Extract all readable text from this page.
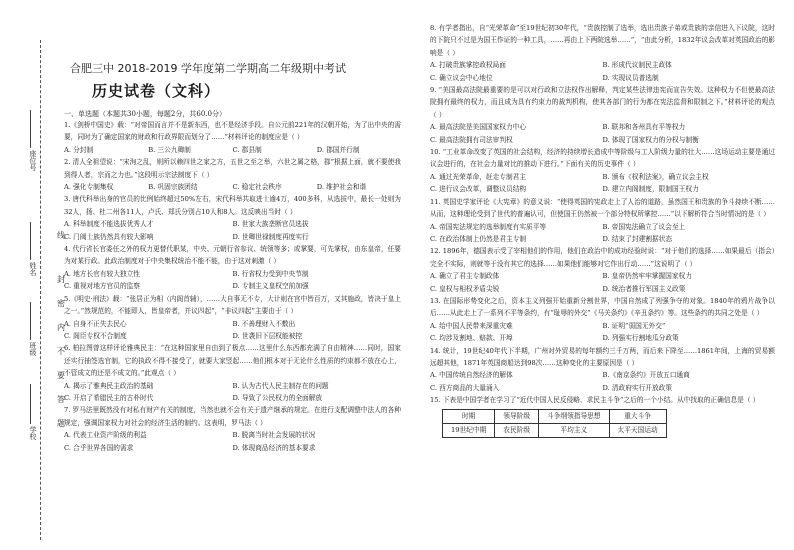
线
封
密
内
不
要
答
题
座位号
姓名
班级
学校
合肥三中 2018-2019 学年度第二学期高二年级期中考试
历史试卷（文科）
一、单选题（本题共30小题，每题2分，共60.0分）

1.《剑桥中国史》载：“对帝国而言并不是新东西，也不是经济手段。自公元前221年的汉朝开始，为了出中央的需要，同时为了确定国家的财政和行政界限而划分了……”材料评论的制度应是（ ）

A. 分封制	B. 三公九卿制	C. 郡县制	D. 郡国并行制

2. 清人全祖望说：“宋洵之乱，则所以赖四世之家之方，五世之至之举，六世之属之格，郡”根据上面，就不要使我到得人者，宗而之力也。”这段明示宗法制度下（ ）

A. 强化专制集权	B. 巩固宗族团结	C. 稳定社会秩序	D. 维护社会和谐

3. 唐代科举出身的官员的比例始终超过50%左右，宋代科举共取进士逾4万，400多科，从选拔中，最长一处则为32人，扬、杜二州各11人，卢氏、郑氏分别占10人和8人。这反映出当时（ ）

A. 科举制度不能选拔优秀人才	B. 世家大族垄断官员选拔
C. 门阀士族仍然具有较大影响	D. 世卿世禄制度再度实行

4. 代行省长官委任之外的权力更替代职某，中央、元朝行省参议、统领等多；或掌要，可先掌权，由东皇帝，任要为对某行政。此政治制度对于中央集权统治不能不能，由于这对刺激（ ）

A. 地方长官有较大独立性	B. 行省权力受到中央节制
C. 重视对地方官员的监察	D. 专制主义皇权空前加强

5.《明史·刑法》载：“张居正为相（内阁首辅），……大自事无不专，大计则在宫中皆百万，又其施政，皆决于皇上之一。”然规范的，不能即人，皆皇帝者，并议四起”，“非议四起”主要由于（ ）

A. 自身不正失去民心	B. 不善理财入不敷出
C. 阁臣专权不合制度	D. 世袭旧下层权能被控

6. 柏拉图曾这样评论雅典民主：“在这种国家里自由到了极点……这里什么东西都充满了自由精神……同时，国家还实行抽签选官制，它的执政不得不接受了，就要大家竖起……他们根本对于无论什么性质的约束都不放在心上，不管成文的还是不成文的。”此观点（ ）

A. 揭示了雅典民主政治的基础	B. 认为古代人民主制存在的问题
C. 开启了希腊民主的古朴时代	D. 导致了公民权力的全面解放

7. 罗马法里既然没有对私有财产有关的制度，当然也就不会有关于遗产继承的规定。在进行支配调整中法人的各种规定，强调国家权力对社会的经济生活的制约。这表明，罗马法（ ）

A. 代表工业资产阶级的利益	B. 脱离当时社会发展的状况
C. 合乎世界各国的需求	D. 体现商品经济的基本要求

8. 有学者指出，自“光荣革命”至19世纪初30年代，“贵族控制了选举，选出贵族子弟或贵族的亲信进入下议院，这时的下院只不过是为国王作证的一种工具，……再由上下两院选举……”，“由此分析，1832年议会改革对英国政治的影响是（ ）

A. 打破贵族掌控政权局面	B. 形成代议制民主政体
C. 确立议会中心地位	D. 实现议员普选制

9. “美国最高法院最重要的是可以对行政和立法权作出解释，判定某些法律违宪而宣告失效。这种权力不但使最高法院拥有最终的权力，而且成为具有约束力的裁判机构，使其各部门的行为都在宪法监督和限制之下。”材料评论的观点（ ）

A. 最高法院是美国国家权力中心	B. 联邦和各州具有平等权力
C. 最高法院拥有司法审判权	D. 体现了国家权力的分权与制衡

10. “工业革命改变了英国的社会结构，经济的持续增长造成中等阶级与工人阶级力量的壮大……这场运动主要是通过议会进行的，在社会力量对比的推动下进行。”下面有关的历史事件（ ）

A. 通过光荣革命，赶走专制君主	B. 颁布《权利法案》，确立议会主权
C. 进行议会改革，调整议员结构	D. 建立内阁制度，限制国王权力

11. 英国史学家评论《大宪章》的意义说：“使得英国的宪政走上了人治的道路，虽然国王和贵族的争斗持续不断……从而，这种理论受到了世代的普遍认可，但使国王仍然被一个部分特权所掌控……”以下解析符合当时情况的是（ ）

A. 帝国宪法规定的选举制度有实质平等	B. 帝国宪法确立了议会至上
C. 在政治体制上仍然是君主专制	D. 结束了封建割据状态

12. 1896年，德国表示受了宰相他们的作用，他们在政治中的成功经验时说：“对于他们的选择……如果最后（指会）完全不实际，则就等于没有其它的选择……如果他们能够对它作出行动……”这说明了（ ）

A. 确立了君主专制政体	B. 皇帝仍然牢牢掌握国家权力
C. 皇权与相权矛盾尖锐	D. 统治者推行军国主义政策

13. 在国际形势变化之后，资本主义列强开始重新分割世界，中国自然成了列强争夺的对象。1840年的鸦片战争以后……从此走上了一系列不平等条约，有“耻辱的外交”《马关条约》《辛丑条约》等。这些条约的共同之处是（ ）

A. 给中国人民带来深重灾难	B. 证明“弱国无外交”
C. 均涉及割地、赔款、开埠	D. 列强实行割地瓜分政策

14. 统计，19世纪40年代下半期，广州对外贸易的每年额约三千万两，而后来下降至……1861年间，上海的贸易额远超其他，1871年英国商船达到98次……这种变化的主要原因是（ ）

A. 中国传统自然经济的解体	B.《南京条约》开放五口通商
C. 西方商品的大量涌入	D. 清政府实行开放政策

15. 下表是中国学者在学习了“近代中国人民反侵略、求民主斗争”之后的一个小结。从中找取的正确信息是（ ）

时期	领导阶级	斗争纲领指导思想	重大斗争
19世纪中期	农民阶级	平均主义	太平天国运动
